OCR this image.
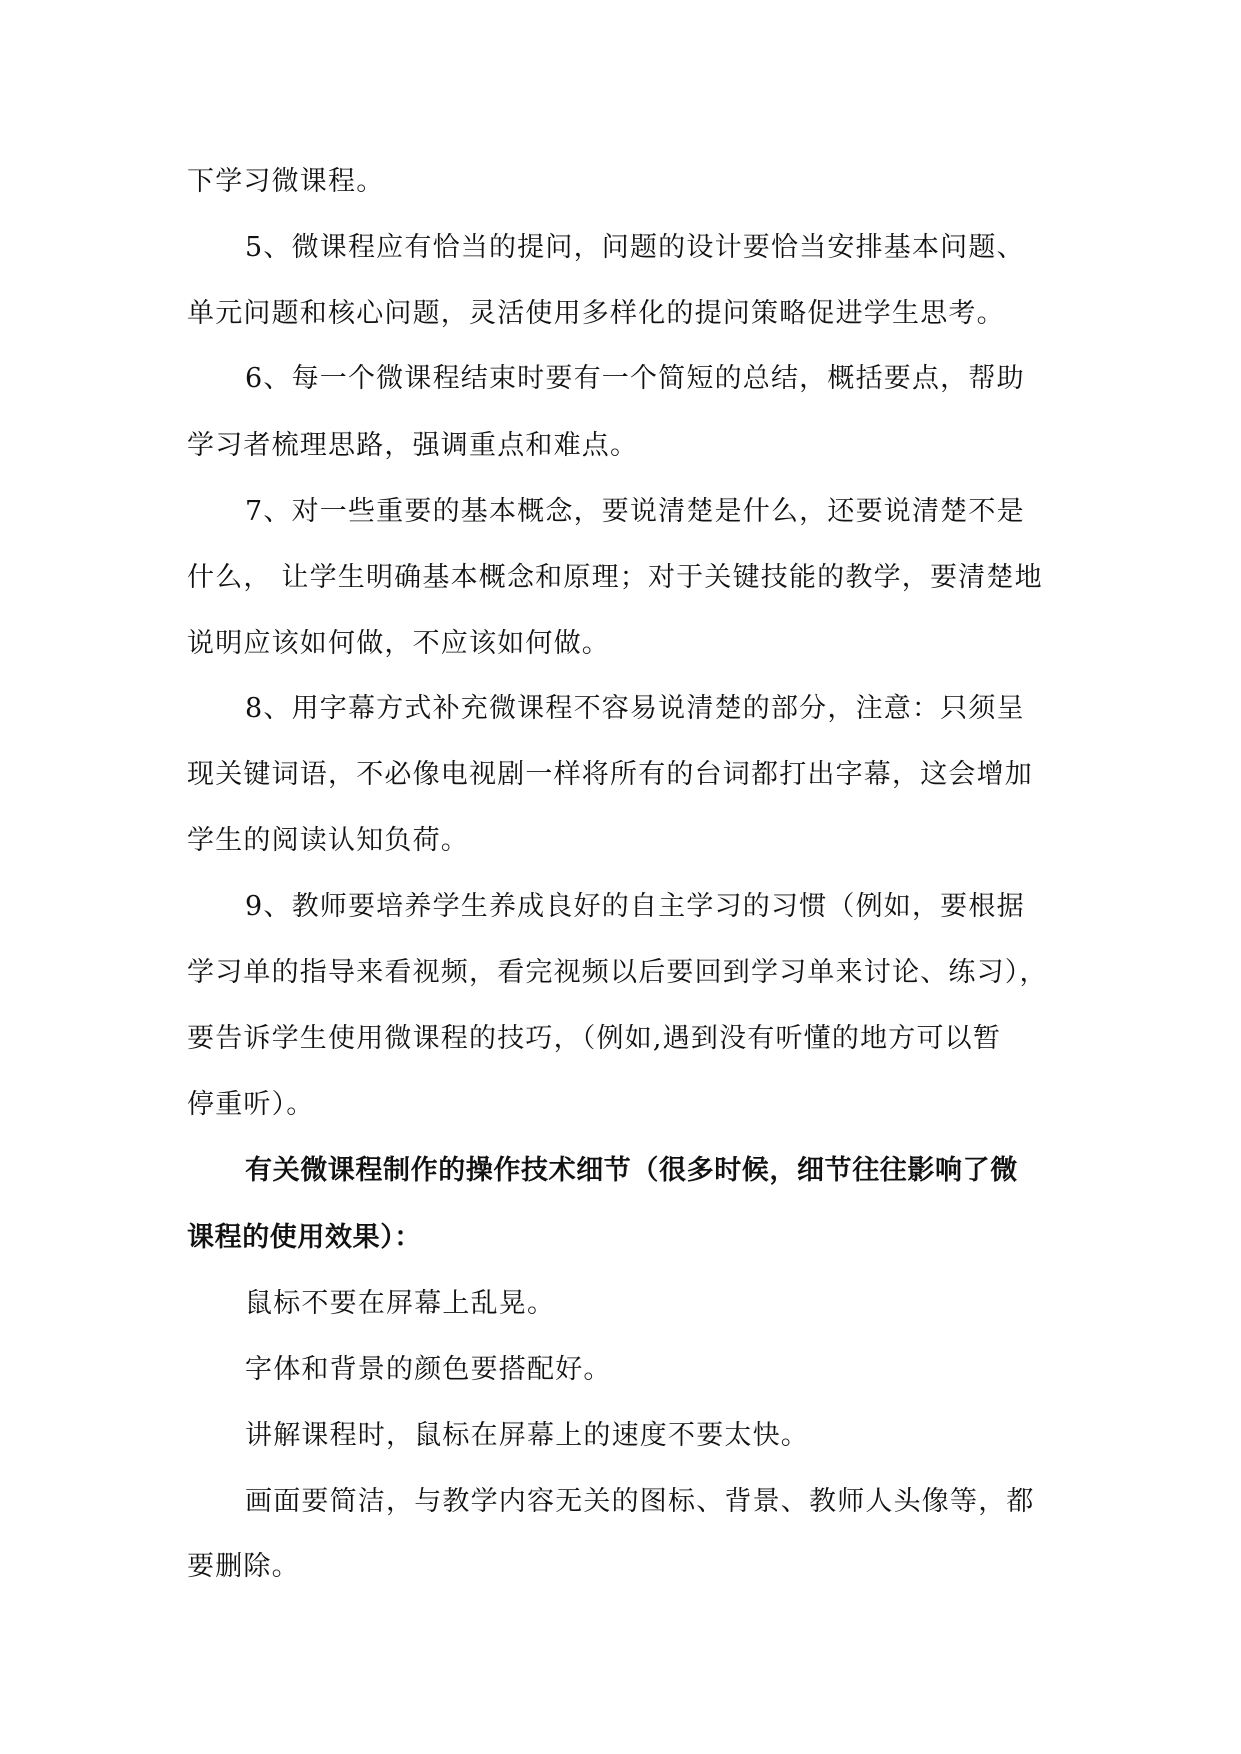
下学习微课程。
5、微课程应有恰当的提问，问题的设计要恰当安排基本问题、
单元问题和核心问题，灵活使用多样化的提问策略促进学生思考。
6、每一个微课程结束时要有一个简短的总结，概括要点，帮助
学习者梳理思路，强调重点和难点。
7、对一些重要的基本概念，要说清楚是什么，还要说清楚不是
什么， 让学生明确基本概念和原理；对于关键技能的教学，要清楚地
说明应该如何做，不应该如何做。
8、用字幕方式补充微课程不容易说清楚的部分，注意：只须呈
现关键词语，不必像电视剧一样将所有的台词都打出字幕，这会增加
学生的阅读认知负荷。
9、教师要培养学生养成良好的自主学习的习惯（例如，要根据
学习单的指导来看视频，看完视频以后要回到学习单来讨论、练习），
要告诉学生使用微课程的技巧，（例如,遇到没有听懂的地方可以暂
停重听）。
有关微课程制作的操作技术细节（很多时候，细节往往影响了微
课程的使用效果）：
鼠标不要在屏幕上乱晃。
字体和背景的颜色要搭配好。
讲解课程时，鼠标在屏幕上的速度不要太快。
画面要简洁，与教学内容无关的图标、背景、教师人头像等，都
要删除。
